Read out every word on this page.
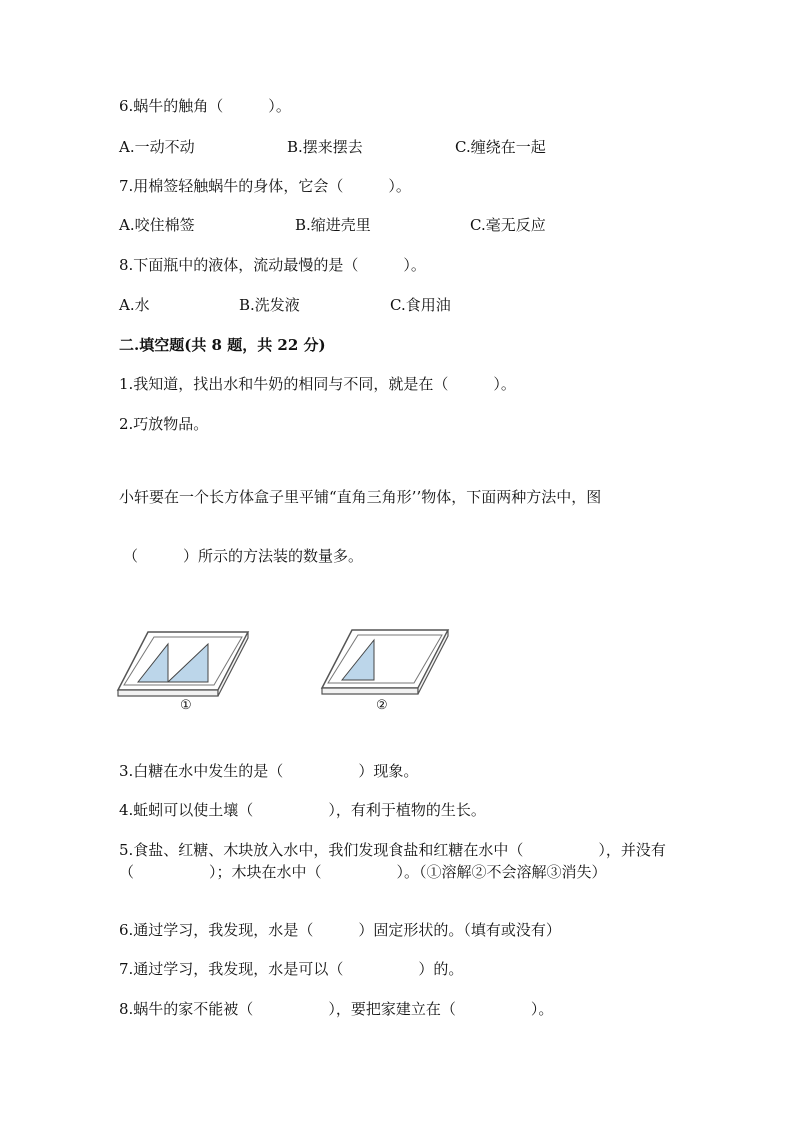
6.蜗牛的触角（　　　）。
A.一动不动	B.摆来摆去	C.缠绕在一起
7.用棉签轻触蜗牛的身体，它会（　　　）。
A.咬住棉签	B.缩进壳里	C.毫无反应
8.下面瓶中的液体，流动最慢的是（　　　）。
A.水	B.洗发液	C.食用油
二.填空题(共 8 题，共 22 分)
1.我知道，找出水和牛奶的相同与不同，就是在（　　　）。
2.巧放物品。
小轩要在一个长方体盒子里平铺“直角三角形’’物体，下面两种方法中，图
（　　　）所示的方法装的数量多。
①	②
3.白糖在水中发生的是（　　　　　）现象。
4.蚯蚓可以使土壤（　　　　　），有利于植物的生长。
5.食盐、红糖、木块放入水中，我们发现食盐和红糖在水中（　　　　　），并没有（　　　　　）；木块在水中（　　　　　）。（①溶解②不会溶解③消失）
6.通过学习，我发现，水是（　　　）固定形状的。（填有或没有）
7.通过学习，我发现，水是可以（　　　　　）的。
8.蜗牛的家不能被（　　　　　），要把家建立在（　　　　　）。
